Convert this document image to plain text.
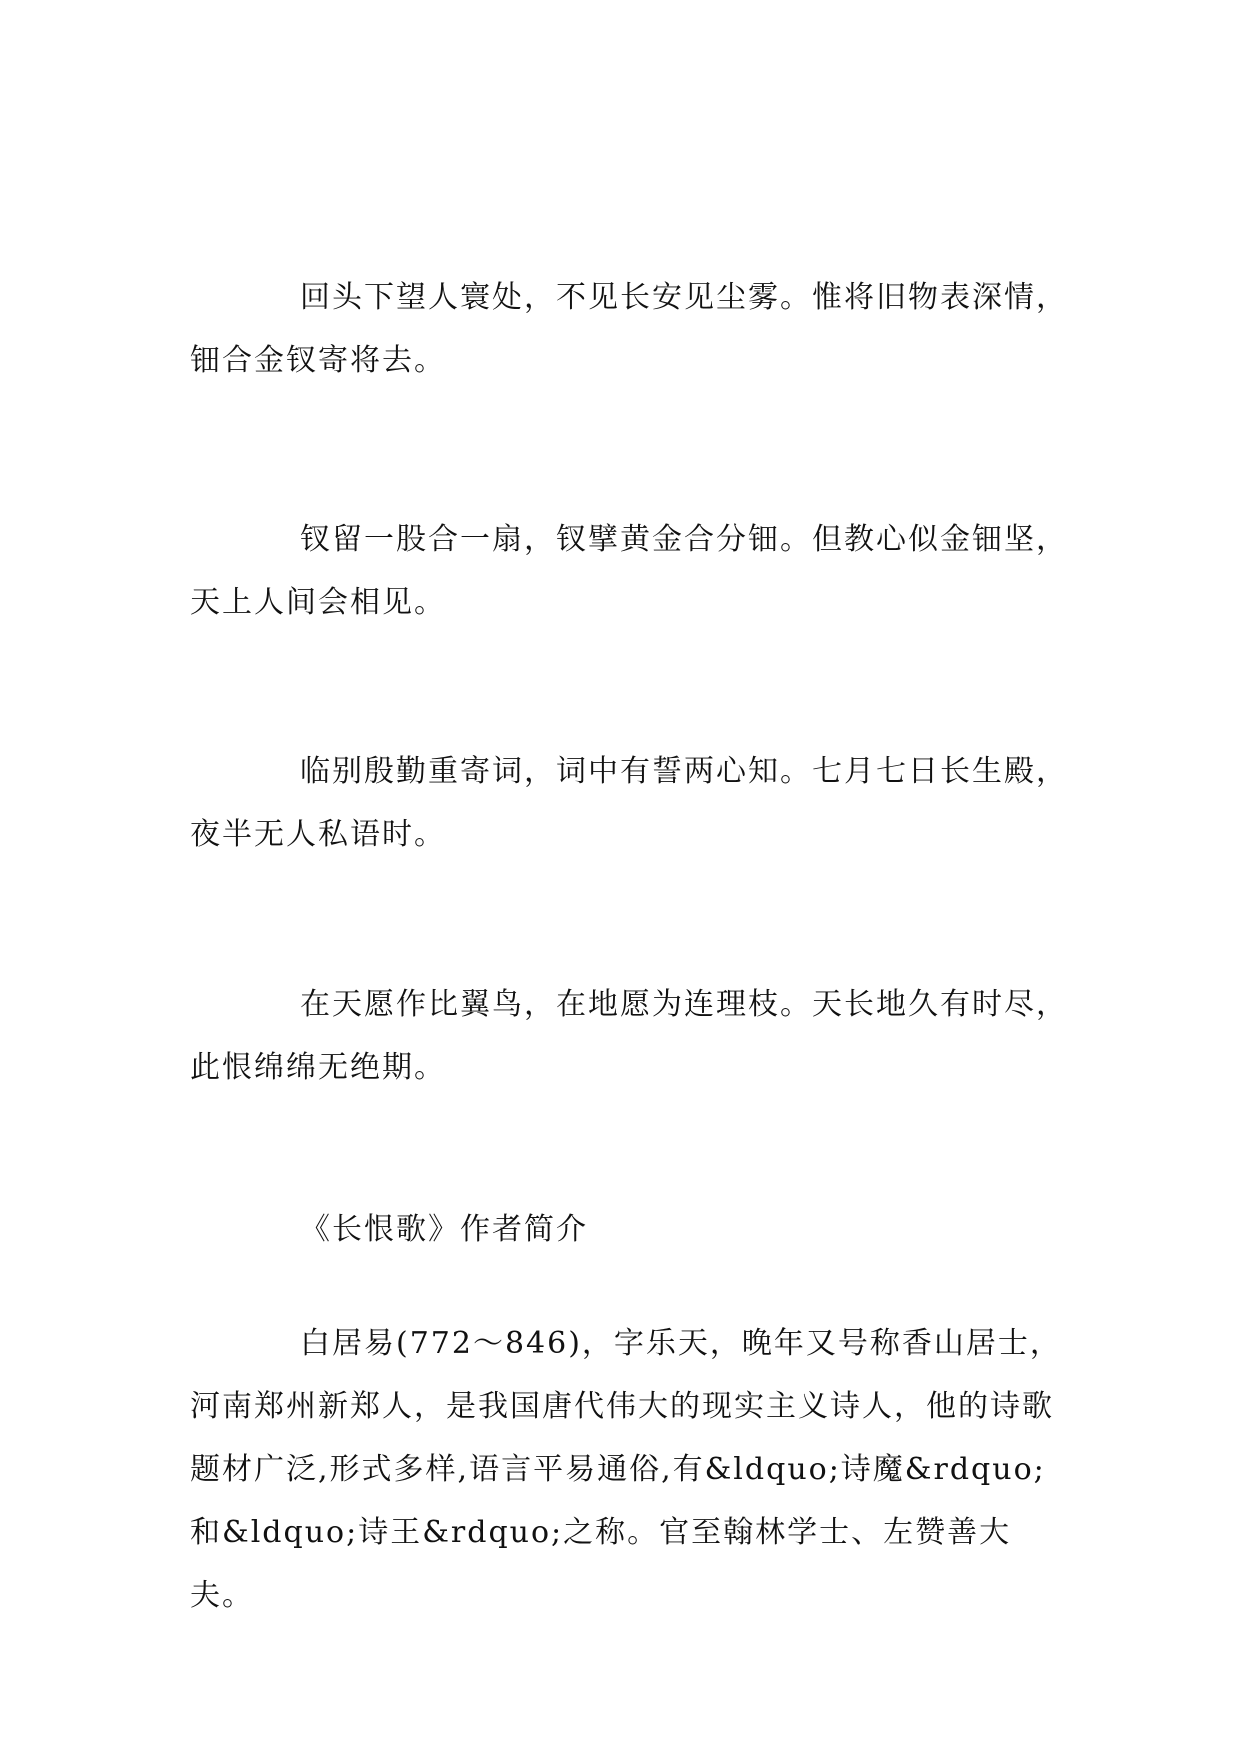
回头下望人寰处，不见长安见尘雾。惟将旧物表深情，钿合金钗寄将去。

钗留一股合一扇，钗擘黄金合分钿。但教心似金钿坚，天上人间会相见。

临别殷勤重寄词，词中有誓两心知。七月七日长生殿，夜半无人私语时。

在天愿作比翼鸟，在地愿为连理枝。天长地久有时尽，此恨绵绵无绝期。

《长恨歌》作者简介

白居易(772～846)，字乐天，晚年又号称香山居士，河南郑州新郑人，是我国唐代伟大的现实主义诗人，他的诗歌题材广泛,形式多样,语言平易通俗,有&ldquo;诗魔&rdquo;和&ldquo;诗王&rdquo;之称。官至翰林学士、左赞善大夫。
